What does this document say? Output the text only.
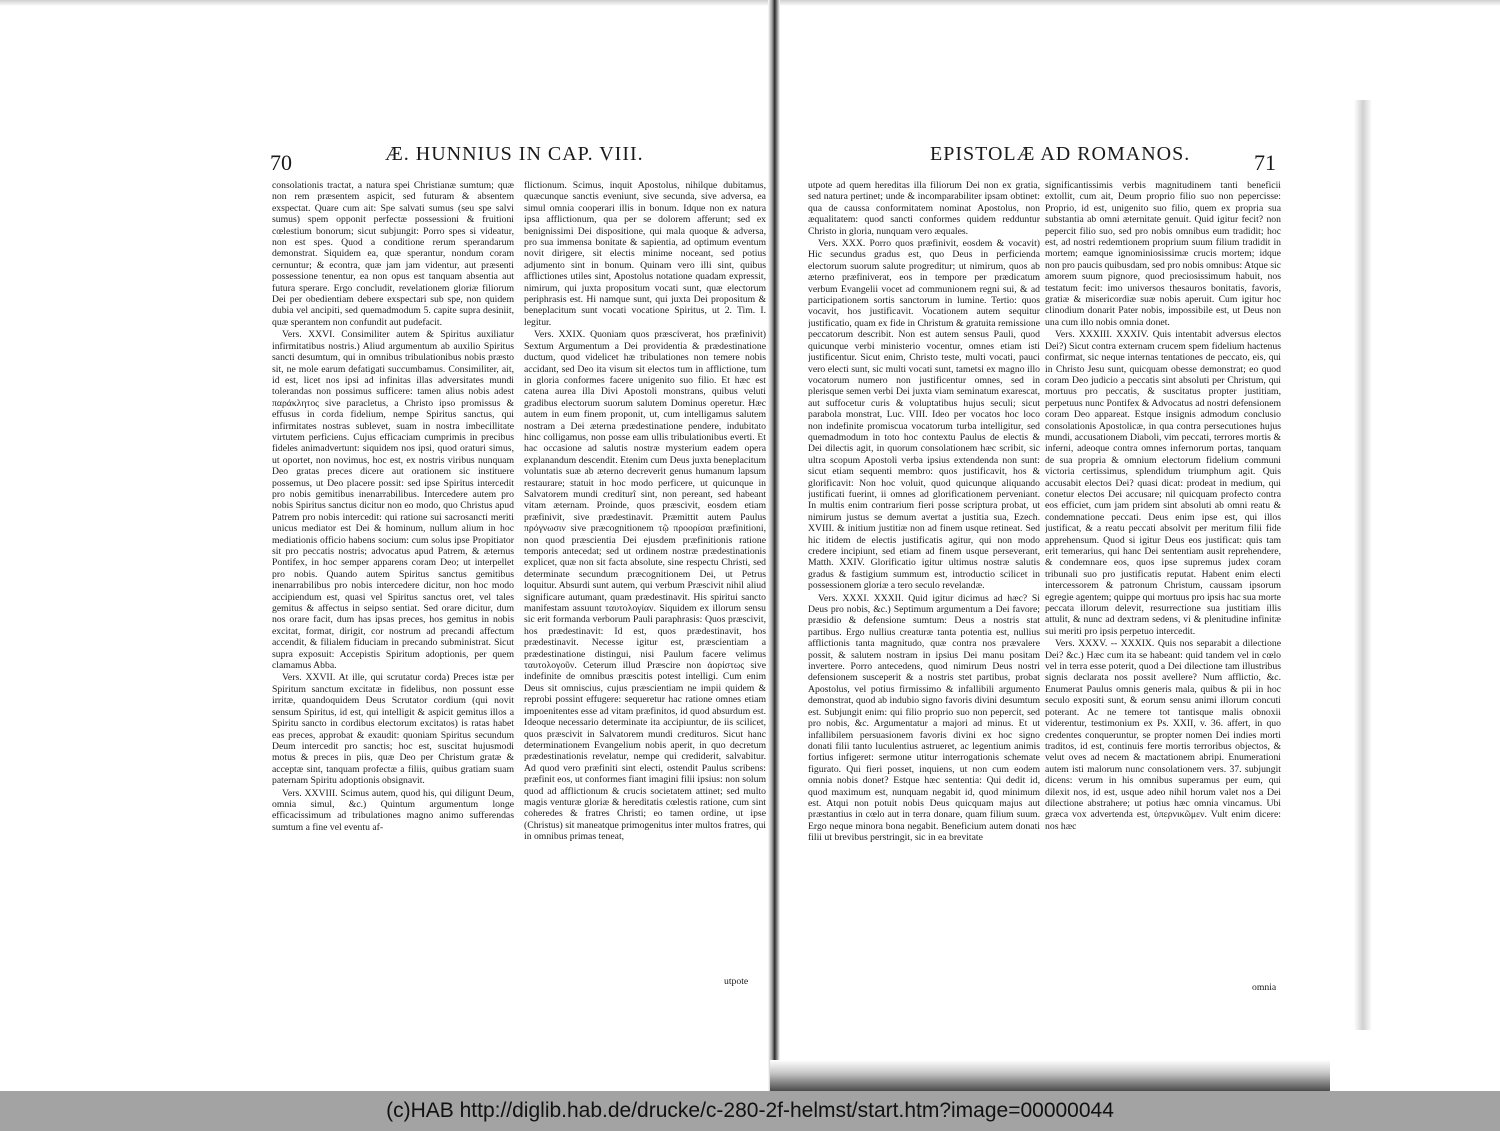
70	Æ. HUNNIUS IN CAP. VIII.

consolationis tractat, a natura spei Christianæ sumtum; quæ non rem præsentem aspicit, sed futuram & absentem exspectat. Quare cum ait: Spe salvati sumus (seu spe salvi sumus) spem opponit perfectæ possessioni & fruitioni cœlestium bonorum; sicut subjungit: Porro spes si videatur, non est spes. Quod a conditione rerum sperandarum demonstrat. Siquidem ea, quæ sperantur, nondum coram cernuntur; & econtra, quæ jam jam videntur, aut præsenti possessione tenentur, ea non opus est tanquam absentia aut futura sperare. Ergo concludit, revelationem gloriæ filiorum Dei per obedientiam debere exspectari sub spe, non quidem dubia vel ancipiti, sed quemadmodum 5. capite supra desiniit, quæ sperantem non confundit aut pudefacit.

Vers. XXVI. Consimiliter autem & Spiritus auxiliatur infirmitatibus nostris.) Aliud argumentum ab auxilio Spiritus sancti desumtum, qui in omnibus tribulationibus nobis præsto sit, ne mole earum defatigati succumbamus. Consimiliter, ait, id est, licet nos ipsi ad infinitas illas adversitates mundi tolerandas non possimus sufficere: tamen alius nobis adest παράκλητος sive paracletus, a Christo ipso promissus & effusus in corda fidelium, nempe Spiritus sanctus, qui infirmitates nostras sublevet, suam in nostra imbecillitate virtutem perficiens. Cujus efficaciam cumprimis in precibus fideles animadvertunt: siquidem nos ipsi, quod oraturi simus, ut oportet, non novimus, hoc est, ex nostris viribus nunquam Deo gratas preces dicere aut orationem sic instituere possemus, ut Deo placere possit: sed ipse Spiritus intercedit pro nobis gemitibus inenarrabilibus. Intercedere autem pro nobis Spiritus sanctus dicitur non eo modo, quo Christus apud Patrem pro nobis intercedit: qui ratione sui sacrosancti meriti unicus mediator est Dei & hominum, nullum alium in hoc mediationis officio habens socium: cum solus ipse Propitiator sit pro peccatis nostris; advocatus apud Patrem, & æternus Pontifex, in hoc semper apparens coram Deo; ut interpellet pro nobis. Quando autem Spiritus sanctus gemitibus inenarrabilibus pro nobis intercedere dicitur, non hoc modo accipiendum est, quasi vel Spiritus sanctus oret, vel tales gemitus & affectus in seipso sentiat. Sed orare dicitur, dum nos orare facit, dum has ipsas preces, hos gemitus in nobis excitat, format, dirigit, cor nostrum ad precandi affectum accendit, & filialem fiduciam in precando subministrat. Sicut supra exposuit: Accepistis Spiritum adoptionis, per quem clamamus Abba.

Vers. XXVII. At ille, qui scrutatur corda) Preces istæ per Spiritum sanctum excitatæ in fidelibus, non possunt esse irritæ, quandoquidem Deus Scrutator cordium (qui novit sensum Spiritus, id est, qui intelligit & aspicit gemitus illos a Spiritu sancto in cordibus electorum excitatos) is ratas habet eas preces, approbat & exaudit: quoniam Spiritus secundum Deum intercedit pro sanctis; hoc est, suscitat hujusmodi motus & preces in piis, quæ Deo per Christum gratæ & acceptæ sint, tanquam profectæ a filiis, quibus gratiam suam paternam Spiritu adoptionis obsignavit.

Vers. XXVIII. Scimus autem, quod his, qui diligunt Deum, omnia simul, &c.) Quintum argumentum longe efficacissimum ad tribulationes magno animo sufferendas sumtum a fine vel eventu af-

flictionum. Scimus, inquit Apostolus, nihilque dubitamus, quæcunque sanctis eveniunt, sive secunda, sive adversa, ea simul omnia cooperari illis in bonum. Idque non ex natura ipsa afflictionum, qua per se dolorem afferunt; sed ex benignissimi Dei dispositione, qui mala quoque & adversa, pro sua immensa bonitate & sapientia, ad optimum eventum novit dirigere, sit electis minime noceant, sed potius adjumento sint in bonum. Quinam vero illi sint, quibus afflictiones utiles sint, Apostolus notatione quadam expressit, nimirum, qui juxta propositum vocati sunt, quæ electorum periphrasis est. Hi namque sunt, qui juxta Dei propositum & beneplacitum sunt vocati vocatione Spiritus, ut 2. Tim. I. legitur.

Vers. XXIX. Quoniam quos præsciverat, hos præfinivit) Sextum Argumentum a Dei providentia & prædestinatione ductum, quod videlicet hæ tribulationes non temere nobis accidant, sed Deo ita visum sit electos tum in afflictione, tum in gloria conformes facere unigenito suo filio. Et hæc est catena aurea illa Divi Apostoli monstrans, quibus veluti gradibus electorum suorum salutem Dominus operetur. Hæc autem in eum finem proponit, ut, cum intelligamus salutem nostram a Dei æterna prædestinatione pendere, indubitato hinc colligamus, non posse eam ullis tribulationibus everti. Et hac occasione ad salutis nostræ mysterium eadem opera explanandum descendit. Etenim cum Deus juxta beneplacitum voluntatis suæ ab æterno decreverit genus humanum lapsum restaurare; statuit in hoc modo perficere, ut quicunque in Salvatorem mundi crediturî sint, non pereant, sed habeant vitam æternam. Proinde, quos præscivit, eosdem etiam præfinivit, sive prædestinavit. Præmittit autem Paulus πρόγνωσιν sive præcognitionem τῷ προορίσαι præfinitioni, non quod præscientia Dei ejusdem præfinitionis ratione temporis antecedat; sed ut ordinem nostræ prædestinationis explicet, quæ non sit facta absolute, sine respectu Christi, sed determinate secundum præcognitionem Dei, ut Petrus loquitur. Absurdi sunt autem, qui verbum Præscivit nihil aliud significare autumant, quam prædestinavit. His spiritui sancto manifestam assuunt ταυτολογίαν. Siquidem ex illorum sensu sic erit formanda verborum Pauli paraphrasis: Quos præscivit, hos prædestinavit: Id est, quos prædestinavit, hos prædestinavit. Necesse igitur est, præscientiam a prædestinatione distingui, nisi Paulum facere velimus ταυτολογοῦν. Ceterum illud Præscire non ἀορίστως sive indefinite de omnibus præscitis potest intelligi. Cum enim Deus sit omniscius, cujus præscientiam ne impii quidem & reprobi possint effugere: sequeretur hac ratione omnes etiam impoenitentes esse ad vitam præfinitos, id quod absurdum est. Ideoque necessario determinate ita accipiuntur, de iis scilicet, quos præscivit in Salvatorem mundi credituros. Sicut hanc determinationem Evangelium nobis aperit, in quo decretum prædestinationis revelatur, nempe qui crediderit, salvabitur. Ad quod vero præfiniti sint electi, ostendit Paulus scribens: præfinit eos, ut conformes fiant imagini filii ipsius: non solum quod ad afflictionum & crucis societatem attinet; sed multo magis venturæ gloriæ & hereditatis cœlestis ratione, cum sint coheredes & fratres Christi; eo tamen ordine, ut ipse (Christus) sit maneatque primogenitus inter multos fratres, qui in omnibus primas teneat,

utpote
EPISTOLÆ AD ROMANOS.	71

utpote ad quem hereditas illa filiorum Dei non ex gratia, sed natura pertinet; unde & incomparabiliter ipsam obtinet: qua de caussa conformitatem nominat Apostolus, non æqualitatem: quod sancti conformes quidem redduntur Christo in gloria, nunquam vero æquales.

Vers. XXX. Porro quos præfinivit, eosdem & vocavit) Hic secundus gradus est, quo Deus in perficienda electorum suorum salute progreditur; ut nimirum, quos ab æterno præfiniverat, eos in tempore per prædicatum verbum Evangelii vocet ad communionem regni sui, & ad participationem sortis sanctorum in lumine. Tertio: quos vocavit, hos justificavit. Vocationem autem sequitur justificatio, quam ex fide in Christum & gratuita remissione peccatorum describit. Non est autem sensus Pauli, quod quicunque verbi ministerio vocentur, omnes etiam isti justificentur. Sicut enim, Christo teste, multi vocati, pauci vero electi sunt, sic multi vocati sunt, tametsi ex magno illo vocatorum numero non justificentur omnes, sed in plerisque semen verbi Dei juxta viam seminatum exarescat, aut suffocetur curis & voluptatibus hujus seculi; sicut parabola monstrat, Luc. VIII. Ideo per vocatos hoc loco non indefinite promiscua vocatorum turba intelligitur, sed quemadmodum in toto hoc contextu Paulus de electis & Dei dilectis agit, in quorum consolationem hæc scribit, sic ultra scopum Apostoli verba ipsius extendenda non sunt: sicut etiam sequenti membro: quos justificavit, hos & glorificavit: Non hoc voluit, quod quicunque aliquando justificati fuerint, ii omnes ad glorificationem perveniant. In multis enim contrarium fieri posse scriptura probat, ut nimirum justus se demum avertat a justitia sua, Ezech. XVIII. & initium justitiæ non ad finem usque retineat. Sed hic itidem de electis justificatis agitur, qui non modo credere incipiunt, sed etiam ad finem usque perseverant, Matth. XXIV. Glorificatio igitur ultimus nostræ salutis gradus & fastigium summum est, introductio scilicet in possessionem gloriæ a tero seculo revelandæ.

Vers. XXXI. XXXII. Quid igitur dicimus ad hæc? Si Deus pro nobis, &c.) Septimum argumentum a Dei favore; præsidio & defensione sumtum: Deus a nostris stat partibus. Ergo nullius creaturæ tanta potentia est, nullius afflictionis tanta magnitudo, quæ contra nos prævalere possit, & salutem nostram in ipsius Dei manu positam invertere. Porro antecedens, quod nimirum Deus nostri defensionem susceperit & a nostris stet partibus, probat Apostolus, vel potius firmissimo & infallibili argumento demonstrat, quod ab indubio signo favoris divini desumtum est. Subjungit enim: qui filio proprio suo non pepercit, sed pro nobis, &c. Argumentatur a majori ad minus. Et ut infallibilem persuasionem favoris divini ex hoc signo donati filii tanto luculentius astrueret, ac legentium animis fortius infigeret: sermone utitur interrogationis schemate figurato. Qui fieri posset, inquiens, ut non cum eodem omnia nobis donet? Estque hæc sententia: Qui dedit id, quod maximum est, nunquam negabit id, quod minimum est. Atqui non potuit nobis Deus quicquam majus aut præstantius in cœlo aut in terra donare, quam filium suum. Ergo neque minora bona negabit. Beneficium autem donati filii ut brevibus perstringit, sic in ea brevitate

significantissimis verbis magnitudinem tanti beneficii extollit, cum ait, Deum proprio filio suo non pepercisse: Proprio, id est, unigenito suo filio, quem ex propria sua substantia ab omni æternitate genuit. Quid igitur fecit? non pepercit filio suo, sed pro nobis omnibus eum tradidit; hoc est, ad nostri redemtionem proprium suum filium tradidit in mortem; eamque ignominiosissimæ crucis mortem; idque non pro paucis quibusdam, sed pro nobis omnibus: Atque sic amorem suum pignore, quod preciosissimum habuit, nos testatum fecit: imo universos thesauros bonitatis, favoris, gratiæ & misericordiæ suæ nobis aperuit. Cum igitur hoc clinodium donarit Pater nobis, impossibile est, ut Deus non una cum illo nobis omnia donet.

Vers. XXXIII. XXXIV. Quis intentabit adversus electos Dei?) Sicut contra externam crucem spem fidelium hactenus confirmat, sic neque internas tentationes de peccato, eis, qui in Christo Jesu sunt, quicquam obesse demonstrat; eo quod coram Deo judicio a peccatis sint absoluti per Christum, qui mortuus pro peccatis, & suscitatus propter justitiam, perpetuus nunc Pontifex & Advocatus ad nostri defensionem coram Deo appareat. Estque insignis admodum conclusio consolationis Apostolicæ, in qua contra persecutiones hujus mundi, accusationem Diaboli, vim peccati, terrores mortis & inferni, adeoque contra omnes infernorum portas, tanquam de sua propria & omnium electorum fidelium communi victoria certissimus, splendidum triumphum agit. Quis accusabit electos Dei? quasi dicat: prodeat in medium, qui conetur electos Dei accusare; nil quicquam profecto contra eos efficiet, cum jam pridem sint absoluti ab omni reatu & condemnatione peccati. Deus enim ipse est, qui illos justificat, & a reatu peccati absolvit per meritum filii fide apprehensum. Quod si igitur Deus eos justificat: quis tam erit temerarius, qui hanc Dei sententiam ausit reprehendere, & condemnare eos, quos ipse supremus judex coram tribunali suo pro justificatis reputat. Habent enim electi intercessorem & patronum Christum, caussam ipsorum egregie agentem; quippe qui mortuus pro ipsis hac sua morte peccata illorum delevit, resurrectione sua justitiam illis attulit, & nunc ad dextram sedens, vi & plenitudine infinitæ sui meriti pro ipsis perpetuo intercedit.

Vers. XXXV. -- XXXIX. Quis nos separabit a dilectione Dei? &c.) Hæc cum ita se habeant: quid tandem vel in cœlo vel in terra esse poterit, quod a Dei dilectione tam illustribus signis declarata nos possit avellere? Num afflictio, &c. Enumerat Paulus omnis generis mala, quibus & pii in hoc seculo expositi sunt, & eorum sensu animi illorum concuti poterant. Ac ne temere tot tantisque malis obnoxii viderentur, testimonium ex Ps. XXII, v. 36. affert, in quo credentes conqueruntur, se propter nomen Dei indies morti traditos, id est, continuis fere mortis terroribus objectos, & velut oves ad necem & mactationem abripi. Enumerationi autem isti malorum nunc consolationem vers. 37. subjungit dicens: verum in his omnibus superamus per eum, qui dilexit nos, id est, usque adeo nihil horum valet nos a Dei dilectione abstrahere; ut potius hæc omnia vincamus. Ubi græca vox advertenda est, ὑπερνικῶμεν. Vult enim dicere: nos hæc

omnia
(c)HAB http://diglib.hab.de/drucke/c-280-2f-helmst/start.htm?image=00000044
